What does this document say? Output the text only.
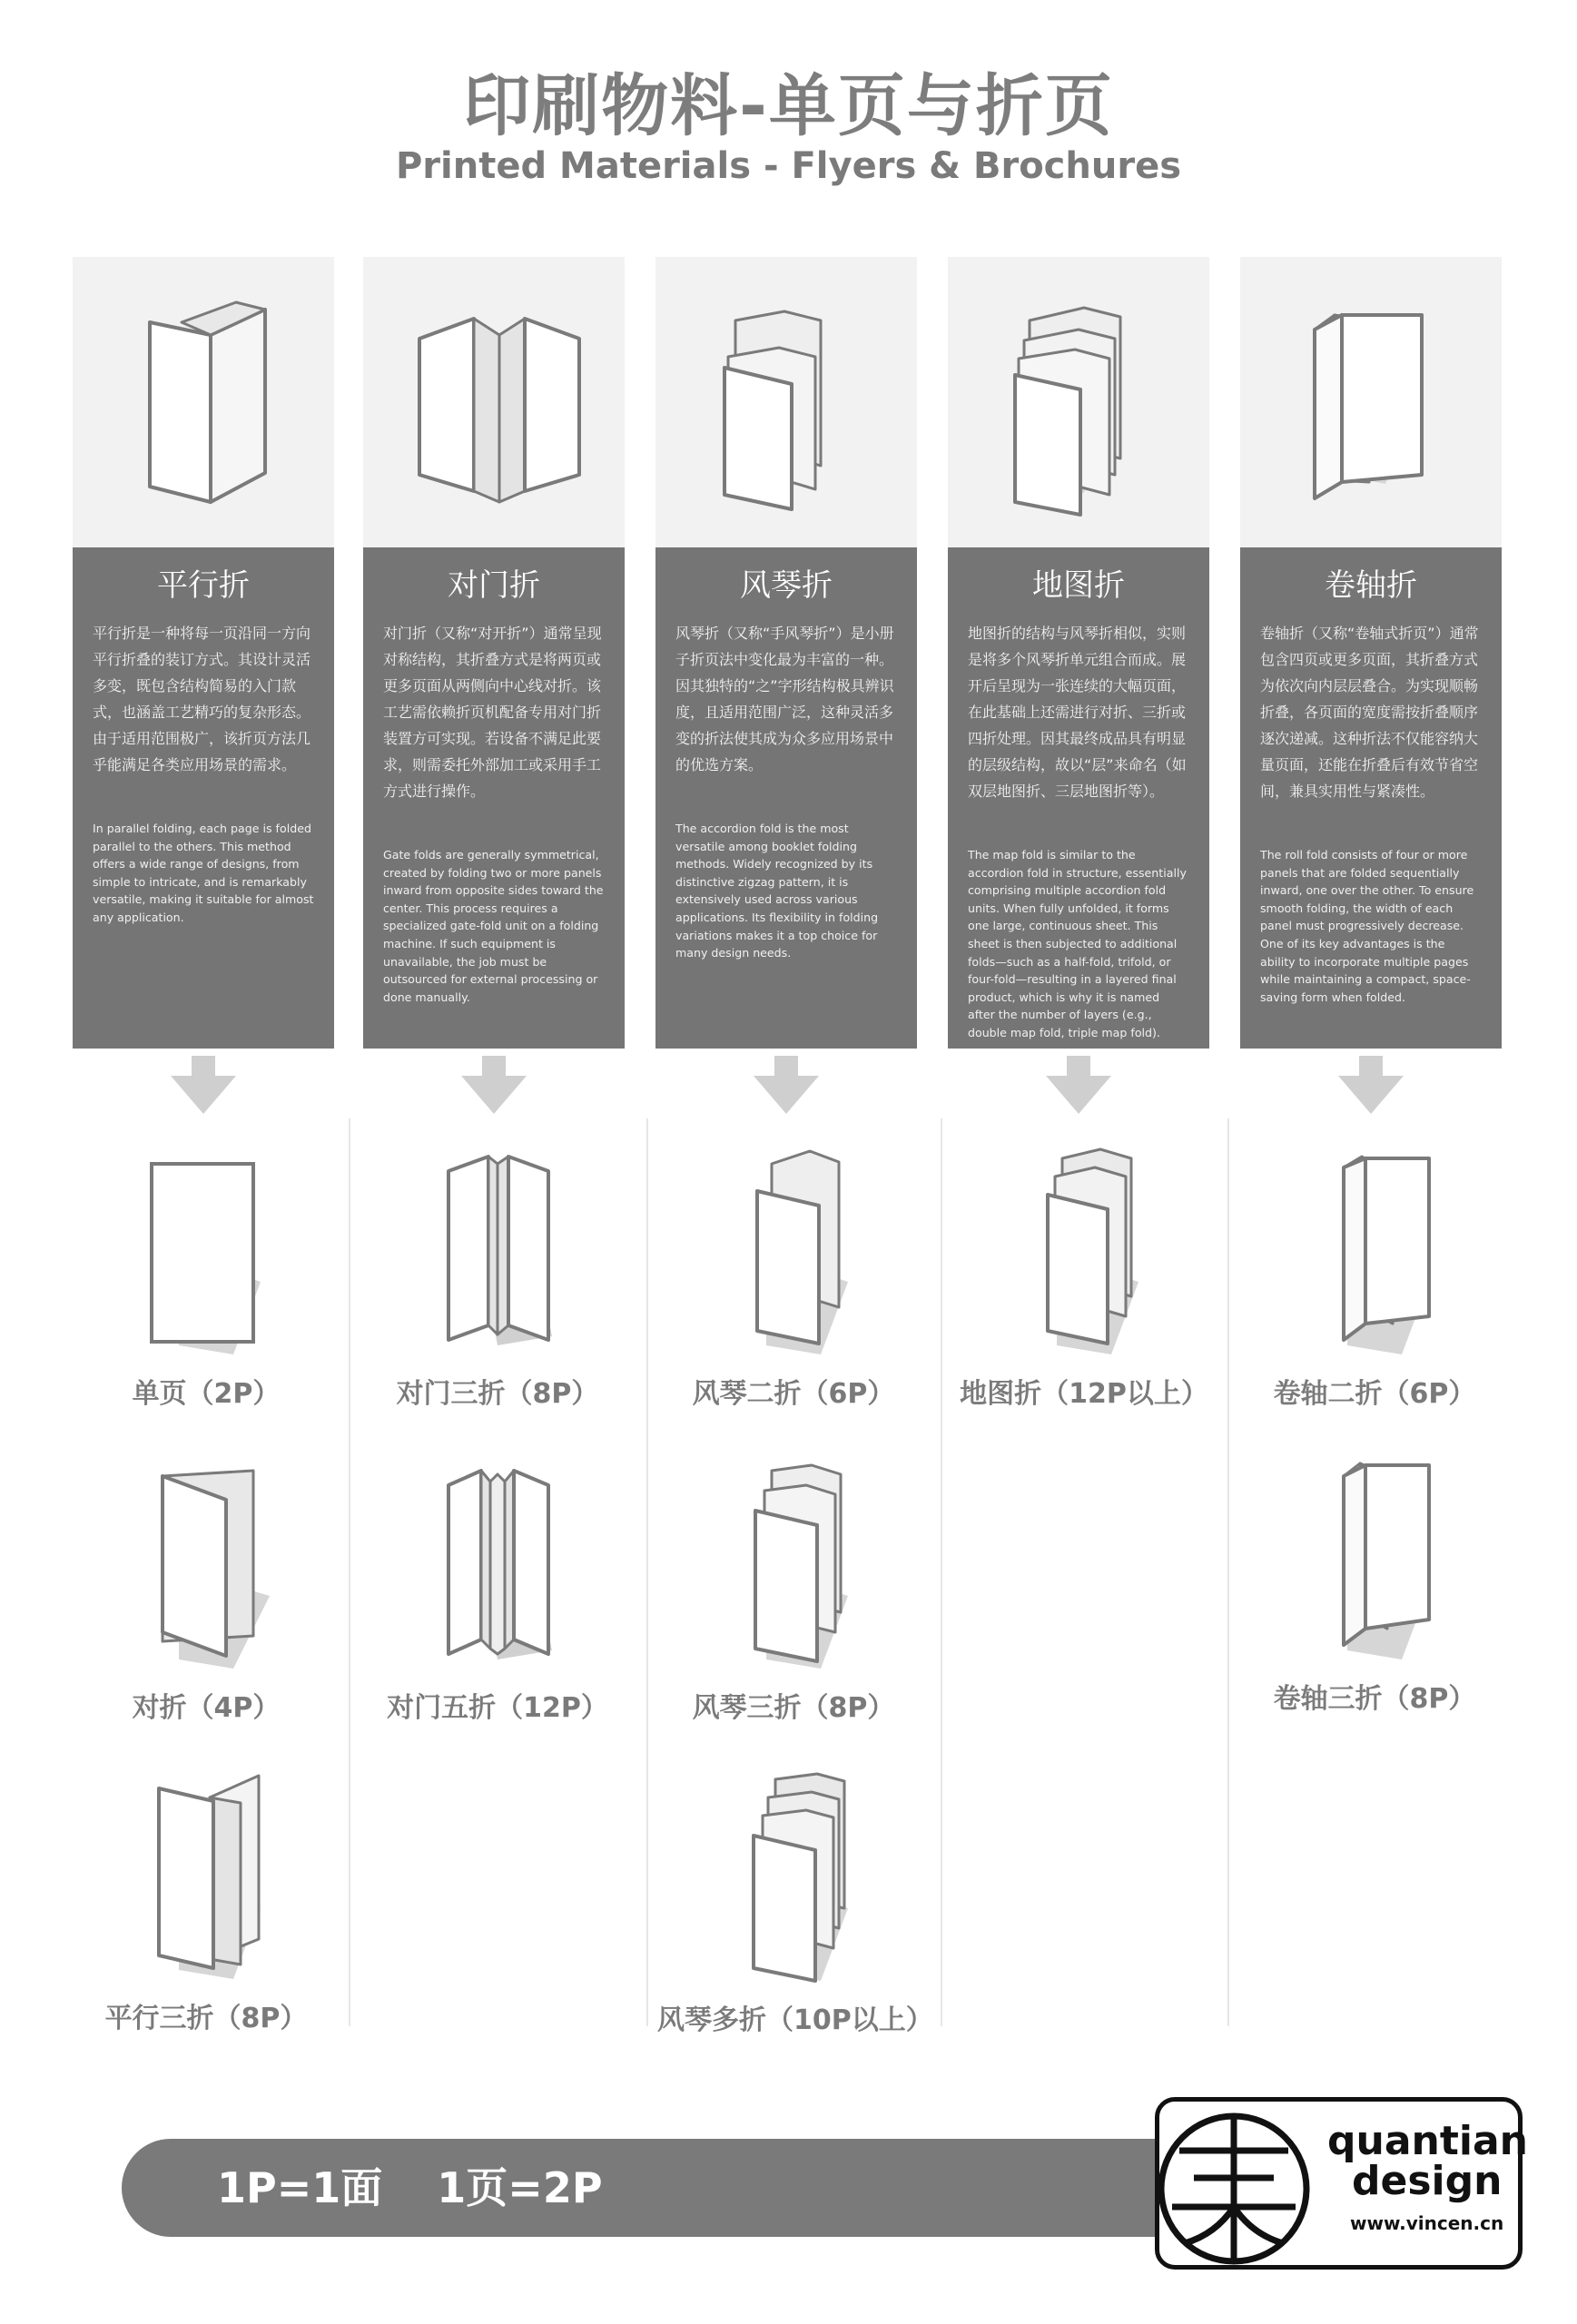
印刷物料-单页与折页
Printed Materials - Flyers & Brochures
平行折
平行折是一种将每一页沿同一方向平行折叠的装订方式。其设计灵活多变，既包含结构简易的入门款式，也涵盖工艺精巧的复杂形态。由于适用范围极广，该折页方法几乎能满足各类应用场景的需求。
In parallel folding, each page is folded parallel to the others. This method offers a wide range of designs, from simple to intricate, and is remarkably versatile, making it suitable for almost any application.
对门折
对门折（又称“对开折”）通常呈现对称结构，其折叠方式是将两页或更多页面从两侧向中心线对折。该工艺需依赖折页机配备专用对门折装置方可实现。若设备不满足此要求，则需委托外部加工或采用手工方式进行操作。
Gate folds are generally symmetrical, created by folding two or more panels inward from opposite sides toward the center. This process requires a specialized gate-fold unit on a folding machine. If such equipment is unavailable, the job must be outsourced for external processing or done manually.
风琴折
风琴折（又称“手风琴折”）是小册子折页法中变化最为丰富的一种。因其独特的“之”字形结构极具辨识度，且适用范围广泛，这种灵活多变的折法使其成为众多应用场景中的优选方案。
The accordion fold is the most versatile among booklet folding methods. Widely recognized by its distinctive zigzag pattern, it is extensively used across various applications. Its flexibility in folding variations makes it a top choice for many design needs.
地图折
地图折的结构与风琴折相似，实则是将多个风琴折单元组合而成。展开后呈现为一张连续的大幅页面，在此基础上还需进行对折、三折或四折处理。因其最终成品具有明显的层级结构，故以“层”来命名（如双层地图折、三层地图折等）。
The map fold is similar to the accordion fold in structure, essentially comprising multiple accordion fold units. When fully unfolded, it forms one large, continuous sheet. This sheet is then subjected to additional folds—such as a half-fold, trifold, or four-fold—resulting in a layered final product, which is why it is named after the number of layers (e.g., double map fold, triple map fold).
卷轴折
卷轴折（又称“卷轴式折页”）通常包含四页或更多页面，其折叠方式为依次向内层层叠合。为实现顺畅折叠，各页面的宽度需按折叠顺序逐次递减。这种折法不仅能容纳大量页面，还能在折叠后有效节省空间，兼具实用性与紧凑性。
The roll fold consists of four or more panels that are folded sequentially inward, one over the other. To ensure smooth folding, the width of each panel must progressively decrease. One of its key advantages is the ability to incorporate multiple pages while maintaining a compact, space-saving form when folded.
单页（2P）
对折（4P）
平行三折（8P）
对门三折（8P）
对门五折（12P）
风琴二折（6P）
风琴三折（8P）
风琴多折（10P以上）
地图折（12P以上）	卷轴二折（6P）
卷轴三折（8P）
1P=1面 1页=2P
quantian
design
www.vincen.cn
